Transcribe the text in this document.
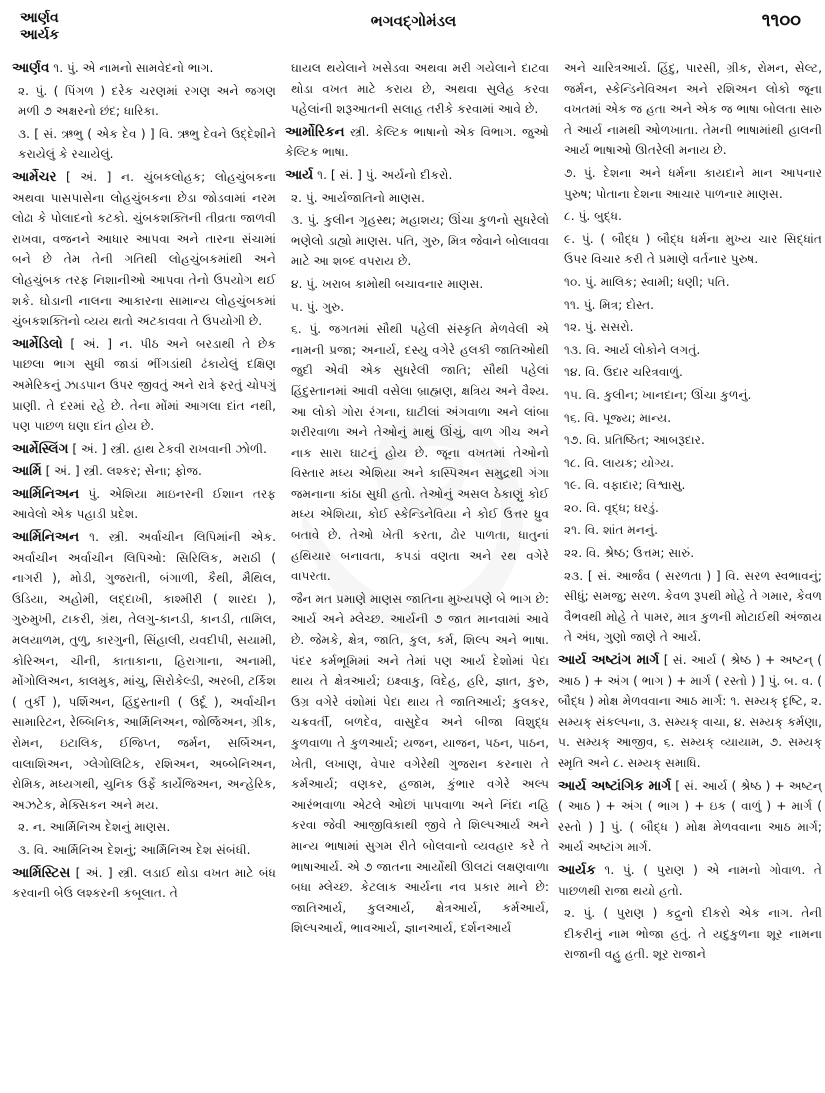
આર્ણવ
આર્યક
ભગવદ્ગોમંડલ	૧૧૦૦

આર્ણવ ૧. પું. એ નામનો સામવેદનો ભાગ.

૨. પું. ( પિંગળ ) દરેક ચરણમાં રગણ અને જગણ મળી ૭ અક્ષરનો છંદ; ધારિકા.

૩. [ સં. ઋભુ ( એક દેવ ) ] વિ. ઋભુ દેવને ઉદ્દેશીને કરાયેલું કે રચાયેલું.

આર્મેચર [ અં. ] ન. ચુંબકલોહક; લોહચુંબકના અથવા પાસપાસેના લોહચુંબકના છેડા જોડવામાં નરમ લોઢા કે પોલાદનો કટકો. ચુંબકશક્તિની તીવ્રતા જાળવી રાખવા, વજનને આધાર આપવા અને તારના સંચામાં બને છે તેમ તેની ગતિથી લોહચુંબકમાંથી અને લોહચુંબક તરફ નિશાનીઓ આપવા તેનો ઉપયોગ થઈ શકે. ઘોડાની નાલના આકારના સામાન્ય લોહચુંબકમાં ચુંબકશક્તિનો વ્યય થતો અટકાવવા તે ઉપયોગી છે.

આર્મેડિલો [ અં. ] ન. પીઠ અને બરડાથી તે છેક પાછલા ભાગ સુધી જાડાં ભીંગડાંથી ઢંકાયેલું દક્ષિણ અમેરિકનું ઝાડપાન ઉપર જીવતું અને રાત્રે ફરતું ચોપગું પ્રાણી. તે દરમાં રહે છે. તેના મોંમાં આગલા દાંત નથી, પણ પાછળ ઘણા દાંત હોય છે.

આર્મેસ્લિંગ [ અં. ] સ્ત્રી. હાથ ટેકવી રાખવાની ઝોળી.

આર્મિ [ અં. ] સ્ત્રી. લશ્કર; સેના; ફોજ.

આર્મિનિઅન પું. એશિયા માઇનરની ઈશાન તરફ આવેલો એક પહાડી પ્રદેશ.

આર્મિનિઅન ૧. સ્ત્રી. અર્વાચીન લિપિમાંની એક. અર્વાચીન અર્વાચીન લિપિઓ: સિરિલિક, મરાઠી ( નાગરી ), મોડી, ગુજરાતી, બંગાળી, કૈથી, મૈથિલ, ઉડિયા, અહોમી, લદ્દાખી, કાશ્મીરી ( શારદા ), ગુરુમુખી, ટાકરી, ગ્રંથ, તેલગુ-કાનડી, કાનડી, તામિલ, મલયાળમ, તુળુ, કારગુની, સિંહાલી, યવદીપી, સયામી, કોરિઅન, ચીની, કાતાકાના, હિરાગાના, અનામી, મોંગોલિઅન, કાલમુક, માંચુ, સિરોકેલ્ડી, અરબી, ટર્કિશ ( તુર્કી ), પર્શિઅન, હિંદુસ્તાની ( ઉર્દૂ ), અર્વાચીન સામારિટન, રેબ્બિનિક, આર્મિનિઅન, જોર્જિઅન, ગ્રીક, રોમન, ઇટાલિક, ઈજિપ્ત, જર્મન, સર્બિઅન, વાલાશિઅન, ગ્લેગોલિટિક, રશિઅન, અબ્બેનિઅન, રોમિક, મધ્યગથી, ચુનિક ઉર્ફે કાર્યેજિઅન, અન્હેરિક, અઝટેક, મેક્સિકન અને મય.

૨. ન. આર્મિનિઅ દેશનું માણસ.

૩. વિ. આર્મિનિઅ દેશનું; આર્મિનિઅ દેશ સંબંધી.

આર્મિસ્ટિસ [ અં. ] સ્ત્રી. લડાઈ થોડા વખત માટે બંધ કરવાની બેઉ લશ્કરની કબૂલાત. તે

ઘાયલ થયેલાને ખસેડવા અથવા મરી ગયેલાને દાટવા થોડા વખત માટે કરાય છે, અથવા સુલેહ કરવા પહેલાંની શરૂઆતની સલાહ તરીકે કરવામાં આવે છે.

આર્મોરિકન સ્ત્રી. કેલ્ટિક ભાષાનો એક વિભાગ. જુઓ કેલ્ટિક ભાષા.

આર્ય ૧. [ સં. ] પું. અર્યનો દીકરો.

૨. પું. આર્યજાતિનો માણસ.

૩. પું. કુલીન ગૃહસ્થ; મહાશય; ઊંચા કુળનો સુધરેલો ભણેલો ડાહ્યો માણસ. પતિ, ગુરુ, મિત્ર જેવાને બોલાવવા માટે આ શબ્દ વપરાય છે.

૪. પું. ખરાબ કામોથી બચાવનાર માણસ.

૫. પું. ગુરુ.

૬. પું. જગતમાં સૌથી પહેલી સંસ્કૃતિ મેળવેલી એ નામની પ્રજા; અનાર્ય, દસ્યુ વગેરે હલકી જાતિઓથી જુદી એવી એક સુધરેલી જાતિ; સૌથી પહેલાં હિંદુસ્તાનમાં આવી વસેલા બ્રાહ્મણ, ક્ષત્રિય અને વૈશ્ય. આ લોકો ગોરા રંગના, ઘાટીલાં અંગવાળા અને લાંબા શરીરવાળા અને તેઓનું માથું ઊંચું, વાળ ગીચ અને નાક સારા ઘાટનું હોય છે. જૂના વખતમાં તેઓનો વિસ્તાર મધ્ય એશિયા અને કાસ્પિઅન સમુદ્રથી ગંગા જમનાના કાંઠા સુધી હતો. તેઓનું અસલ ઠેકાણું કોઈ મધ્ય એશિયા, કોઈ સ્કેન્ડિનેવિયા ને કોઈ ઉત્તર ધ્રુવ બતાવે છે. તેઓ ખેતી કરતા, ઢોર પાળતા, ધાતુનાં હથિયાર બનાવતા, કપડાં વણતા અને રથ વગેરે વાપરતા.

જૈન મત પ્રમાણે માણસ જાતિના મુખ્યપણે બે ભાગ છે: આર્ય અને મ્લેચ્છ. આર્યની ૭ જાત માનવામાં આવે છે. જેમકે, ક્ષેત્ર, જાતિ, કુલ, કર્મ, શિલ્પ અને ભાષા. પંદર કર્મભૂમિમાં અને તેમાં પણ આર્ય દેશોમાં પેદા થાય તે ક્ષેત્રઆર્ય; ઇક્ષ્વાકુ, વિદેહ, હરિ, જ્ઞાત, કુરુ, ઉગ્ર વગેરે વંશોમાં પેદા થાય તે જાતિઆર્ય; કુલકર, ચક્રવર્તી, બળદેવ, વાસુદેવ અને બીજા વિશુદ્ધ કુળવાળા તે કુળઆર્ય; યજન, યાજન, પઠન, પાઠન, ખેતી, લખાણ, વેપાર વગેરેથી ગુજરાન કરનારા તે કર્મઆર્ય; વણકર, હજામ, કુંભાર વગેરે અલ્પ આરંભવાળા એટલે ઓછાં પાપવાળા અને નિંદા નહિ કરવા જેવી આજીવિકાથી જીવે તે શિલ્પઆર્ય અને માન્ય ભાષામાં સુગમ રીતે બોલવાનો વ્યવહાર કરે તે ભાષાઆર્ય. એ ૭ જાતના આર્યોથી ઊલટાં લક્ષણવાળા બધા મ્લેચ્છ. કેટલાક આર્યના નવ પ્રકાર માને છે: જાતિઆર્ય, કુલઆર્ય, ક્ષેત્રઆર્ય, કર્મઆર્ય, શિલ્પઆર્ય, ભાવઆર્ય, જ્ઞાનઆર્ય, દર્શનઆર્ય

અને ચારિત્રઆર્ય. હિંદુ, પારસી, ગ્રીક, રોમન, સેલ્ટ, જર્મન, સ્કેન્ડિનેવિઅન અને રશિઅન લોકો જૂના વખતમાં એક જ હતા અને એક જ ભાષા બોલતા સારુ તે આર્ય નામથી ઓળખાતા. તેમની ભાષામાંથી હાલની આર્ય ભાષાઓ ઊતરેલી મનાય છે.

૭. પું. દેશના અને ધર્મના કાયદાને માન આપનાર પુરુષ; પોતાના દેશના આચાર પાળનાર માણસ.

૮. પું. બુદ્ધ.

૯. પું. ( બૌદ્ધ ) બૌદ્ધ ધર્મના મુખ્ય ચાર સિદ્ધાંત ઉપર વિચાર કરી તે પ્રમાણે વર્તનાર પુરુષ.

૧૦. પું. માલિક; સ્વામી; ધણી; પતિ.

૧૧. પું. મિત્ર; દોસ્ત.

૧૨. પું. સસરો.

૧૩. વિ. આર્ય લોકોને લગતું.

૧૪. વિ. ઉદાર ચરિત્રવાળું.

૧૫. વિ. કુલીન; ખાનદાન; ઊંચા કુળનું.

૧૬. વિ. પૂજ્ય; માન્ય.

૧૭. વિ. પ્રતિષ્ઠિત; આબરૂદાર.

૧૮. વિ. લાયક; યોગ્ય.

૧૯. વિ. વફાદાર; વિશ્વાસુ.

૨૦. વિ. વૃદ્ધ; ઘરડું.

૨૧. વિ. શાંત મનનું.

૨૨. વિ. શ્રેષ્ઠ; ઉત્તમ; સારું.

૨૩. [ સં. આર્જવ ( સરળતા ) ] વિ. સરળ સ્વભાવનું; સીધું; સમજુ; સરળ. કેવળ રૂપથી મોહે તે ગમાર, કેવળ વૈભવથી મોહે તે પામર, માત્ર કુળની મોટાઈથી અંજાય તે અંધ, ગુણો જાણે તે આર્ય.

આર્ય અષ્ટાંગ માર્ગ [ સં. આર્ય ( શ્રેષ્ઠ ) + અષ્ટન્ ( આઠ ) + અંગ ( ભાગ ) + માર્ગ ( રસ્તો ) ] પું. બ. વ. ( બૌદ્ધ ) મોક્ષ મેળવવાના આઠ માર્ગ: ૧. સમ્યક્ દૃષ્ટિ, ૨. સમ્યક્ સંકલ્પના, ૩. સમ્યક્ વાચા, ૪. સમ્યક્ કર્મણા, ૫. સમ્યક્ આજીવ, ૬. સમ્યક્ વ્યાયામ, ૭. સમ્યક્ સ્મૃતિ અને ૮. સમ્યક્ સમાધિ.

આર્ય અષ્ટાંગિક માર્ગ [ સં. આર્ય ( શ્રેષ્ઠ ) + અષ્ટન્ ( આઠ ) + અંગ ( ભાગ ) + ઇક ( વાળું ) + માર્ગ ( રસ્તો ) ] પું. ( બૌદ્ધ ) મોક્ષ મેળવવાના આઠ માર્ગ; આર્ય અષ્ટાંગ માર્ગ.

આર્યક ૧. પું. ( પુરાણ ) એ નામનો ગોવાળ. તે પાછળથી રાજા થયો હતો.

૨. પું. ( પુરાણ ) કદ્રુનો દીકરો એક નાગ. તેની દીકરીનું નામ ભોજા હતું. તે યદુકુળના શૂર નામના રાજાની વહુ હતી. શૂર રાજાને
